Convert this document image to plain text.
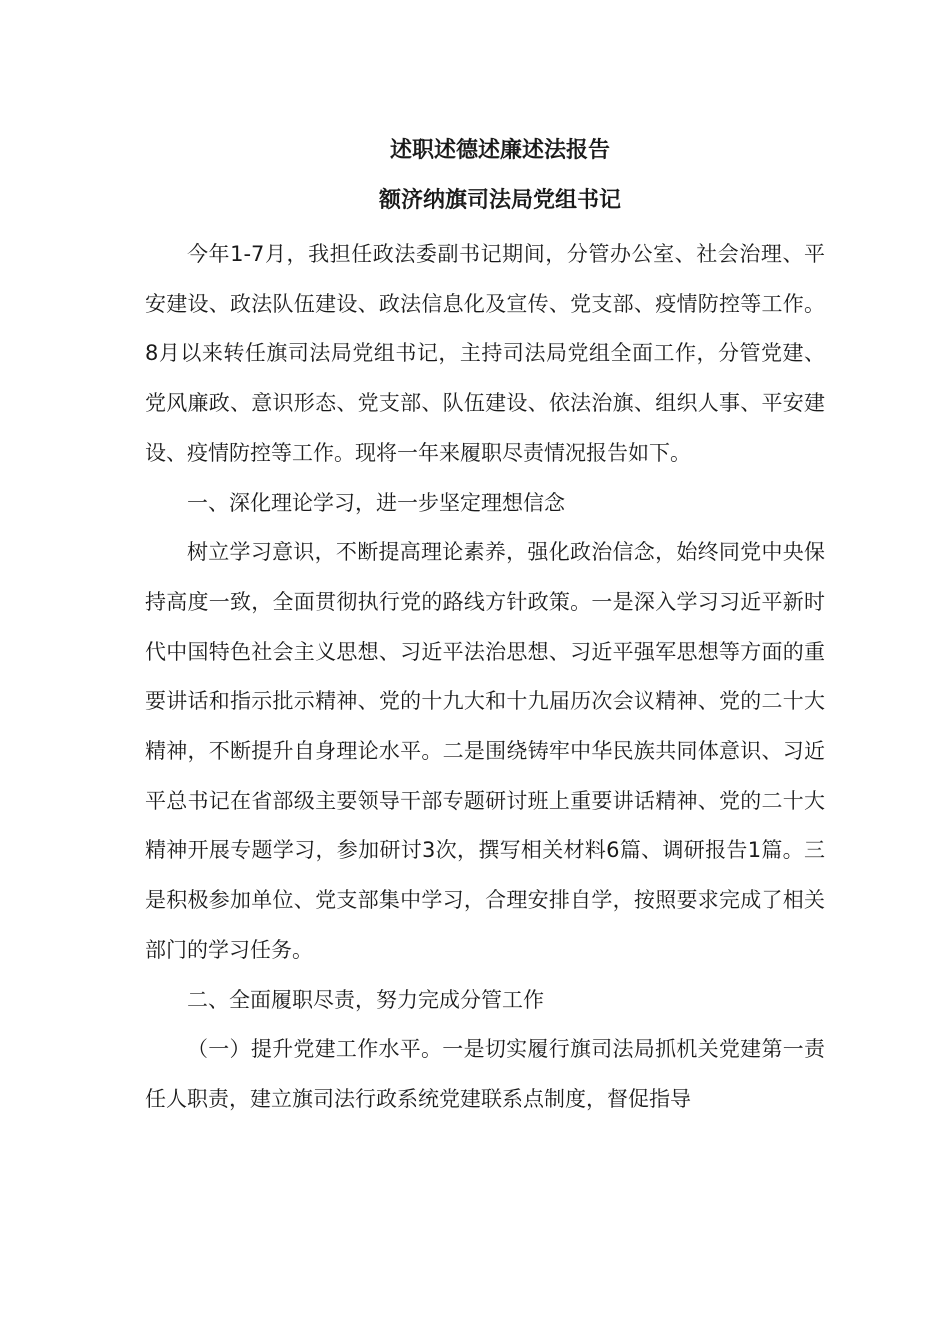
述职述德述廉述法报告
额济纳旗司法局党组书记

今年1-7月，我担任政法委副书记期间，分管办公室、社会治理、平安建设、政法队伍建设、政法信息化及宣传、党支部、疫情防控等工作。8月以来转任旗司法局党组书记，主持司法局党组全面工作，分管党建、党风廉政、意识形态、党支部、队伍建设、依法治旗、组织人事、平安建设、疫情防控等工作。现将一年来履职尽责情况报告如下。

一、深化理论学习，进一步坚定理想信念

树立学习意识，不断提高理论素养，强化政治信念，始终同党中央保持高度一致，全面贯彻执行党的路线方针政策。一是深入学习习近平新时代中国特色社会主义思想、习近平法治思想、习近平强军思想等方面的重要讲话和指示批示精神、党的十九大和十九届历次会议精神、党的二十大精神，不断提升自身理论水平。二是围绕铸牢中华民族共同体意识、习近平总书记在省部级主要领导干部专题研讨班上重要讲话精神、党的二十大精神开展专题学习，参加研讨3次，撰写相关材料6篇、调研报告1篇。三是积极参加单位、党支部集中学习，合理安排自学，按照要求完成了相关部门的学习任务。

二、全面履职尽责，努力完成分管工作

（一）提升党建工作水平。一是切实履行旗司法局抓机关党建第一责任人职责，建立旗司法行政系统党建联系点制度，督促指导
